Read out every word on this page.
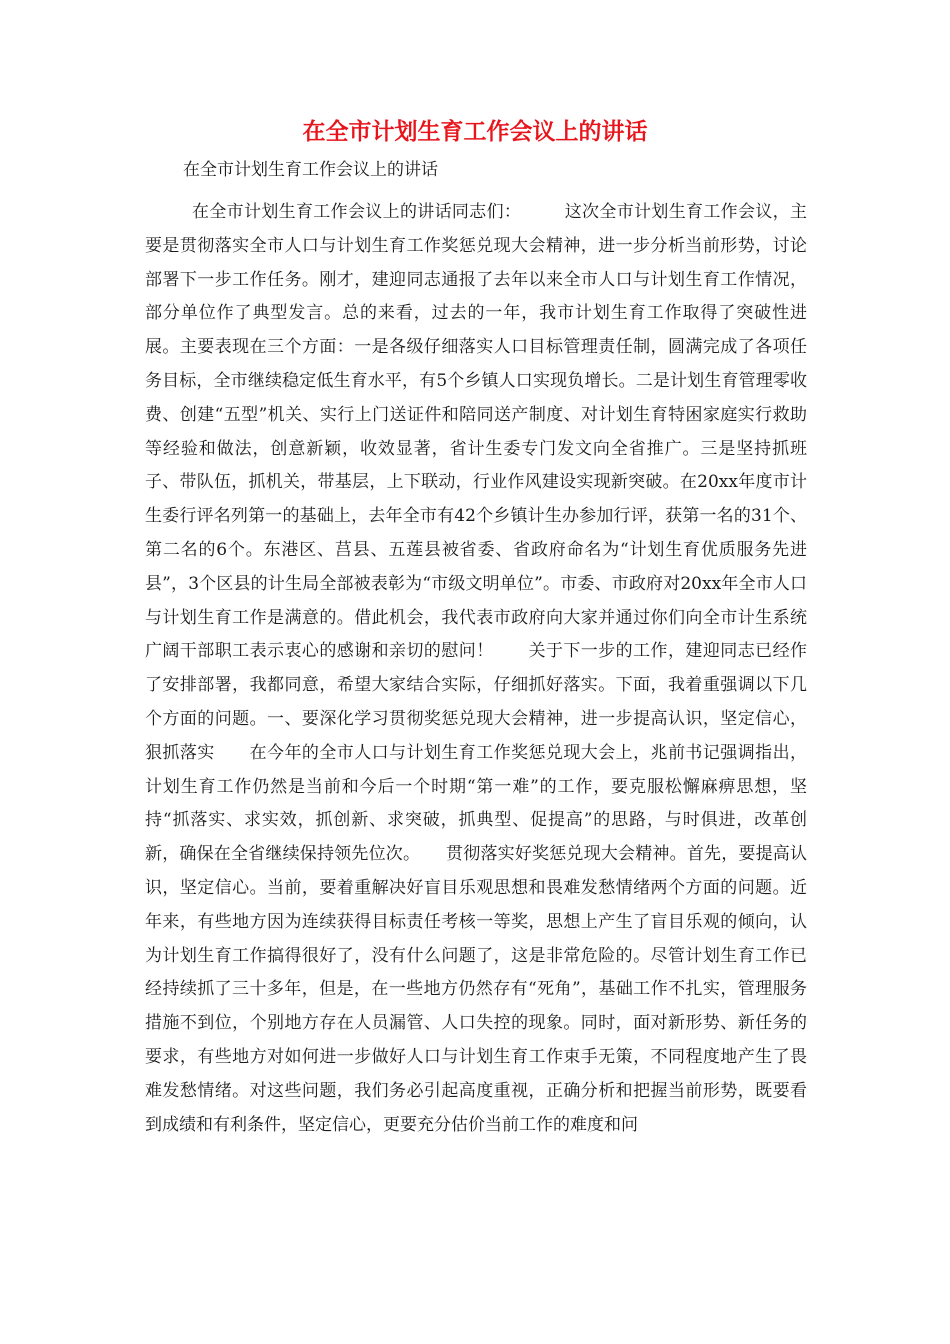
在全市计划生育工作会议上的讲话

在全市计划生育工作会议上的讲话

在全市计划生育工作会议上的讲话同志们：　　　这次全市计划生育工作会议，主要是贯彻落实全市人口与计划生育工作奖惩兑现大会精神，进一步分析当前形势，讨论部署下一步工作任务。刚才，建迎同志通报了去年以来全市人口与计划生育工作情况，部分单位作了典型发言。总的来看，过去的一年，我市计划生育工作取得了突破性进展。主要表现在三个方面：一是各级仔细落实人口目标管理责任制，圆满完成了各项任务目标，全市继续稳定低生育水平，有5个乡镇人口实现负增长。二是计划生育管理零收费、创建“五型”机关、实行上门送证件和陪同送产制度、对计划生育特困家庭实行救助等经验和做法，创意新颖，收效显著，省计生委专门发文向全省推广。三是坚持抓班子、带队伍，抓机关，带基层，上下联动，行业作风建设实现新突破。在20xx年度市计生委行评名列第一的基础上，去年全市有42个乡镇计生办参加行评，获第一名的31个、第二名的6个。东港区、莒县、五莲县被省委、省政府命名为“计划生育优质服务先进县”，3个区县的计生局全部被表彰为“市级文明单位”。市委、市政府对20xx年全市人口与计划生育工作是满意的。借此机会，我代表市政府向大家并通过你们向全市计生系统广阔干部职工表示衷心的感谢和亲切的慰问！　　关于下一步的工作，建迎同志已经作了安排部署，我都同意，希望大家结合实际，仔细抓好落实。下面，我着重强调以下几个方面的问题。一、要深化学习贯彻奖惩兑现大会精神，进一步提高认识，坚定信心，狠抓落实　　在今年的全市人口与计划生育工作奖惩兑现大会上，兆前书记强调指出，计划生育工作仍然是当前和今后一个时期“第一难”的工作，要克服松懈麻痹思想，坚持“抓落实、求实效，抓创新、求突破，抓典型、促提高”的思路，与时俱进，改革创新，确保在全省继续保持领先位次。　　贯彻落实好奖惩兑现大会精神。首先，要提高认识，坚定信心。当前，要着重解决好盲目乐观思想和畏难发愁情绪两个方面的问题。近年来，有些地方因为连续获得目标责任考核一等奖，思想上产生了盲目乐观的倾向，认为计划生育工作搞得很好了，没有什么问题了，这是非常危险的。尽管计划生育工作已经持续抓了三十多年，但是，在一些地方仍然存有“死角”，基础工作不扎实，管理服务措施不到位，个别地方存在人员漏管、人口失控的现象。同时，面对新形势、新任务的要求，有些地方对如何进一步做好人口与计划生育工作束手无策，不同程度地产生了畏难发愁情绪。对这些问题，我们务必引起高度重视，正确分析和把握当前形势，既要看到成绩和有利条件，坚定信心，更要充分估价当前工作的难度和问
